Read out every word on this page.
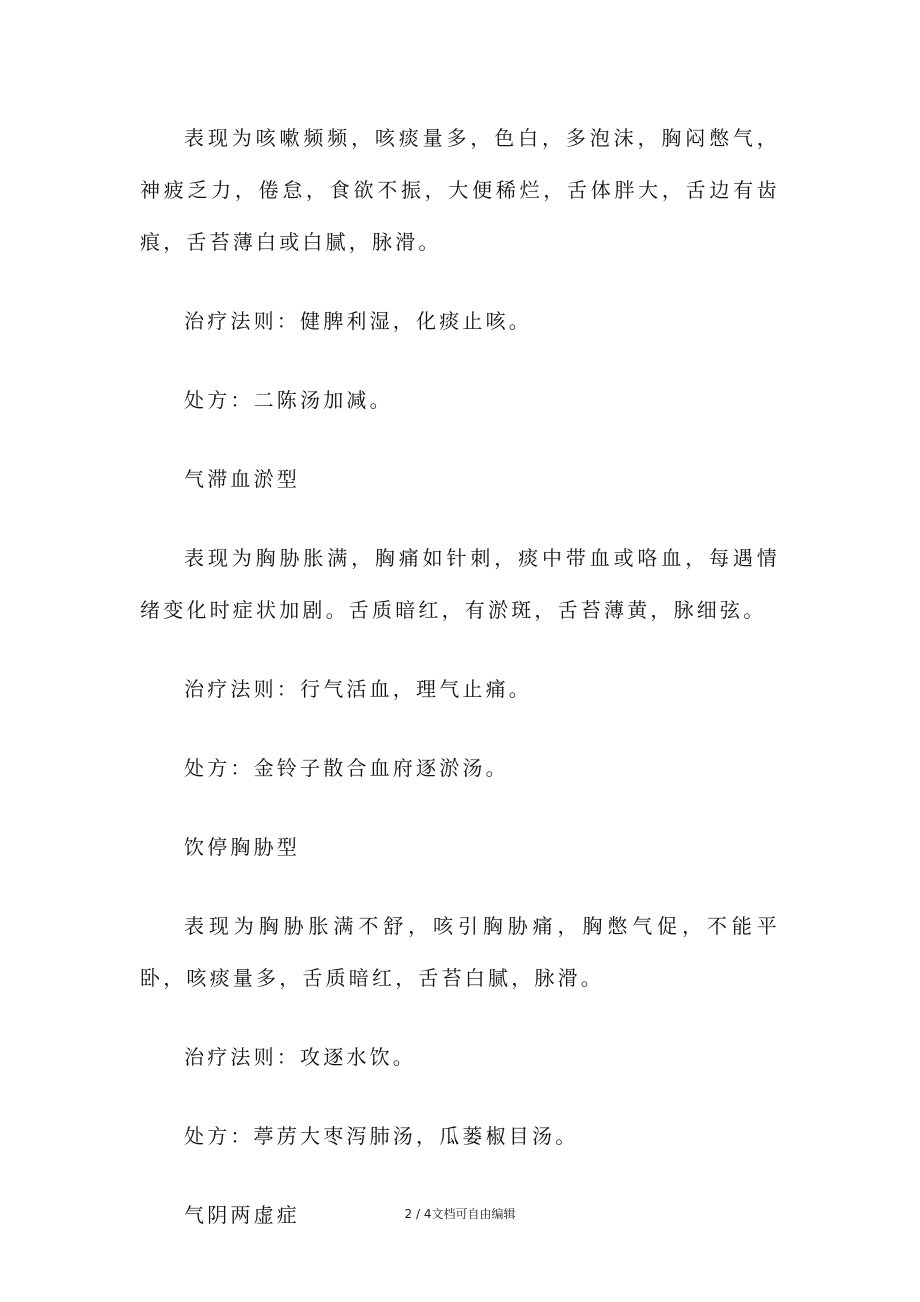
表现为咳嗽频频，咳痰量多，色白，多泡沫，胸闷憋气，神疲乏力，倦怠，食欲不振，大便稀烂，舌体胖大，舌边有齿痕，舌苔薄白或白腻，脉滑。

治疗法则：健脾利湿，化痰止咳。

处方：二陈汤加减。

气滞血淤型

表现为胸胁胀满，胸痛如针刺，痰中带血或咯血，每遇情绪变化时症状加剧。舌质暗红，有淤斑，舌苔薄黄，脉细弦。

治疗法则：行气活血，理气止痛。

处方：金铃子散合血府逐淤汤。

饮停胸胁型

表现为胸胁胀满不舒，咳引胸胁痛，胸憋气促，不能平卧，咳痰量多，舌质暗红，舌苔白腻，脉滑。

治疗法则：攻逐水饮。

处方：葶苈大枣泻肺汤，瓜蒌椒目汤。

气阴两虚症	2 / 4文档可自由编辑
